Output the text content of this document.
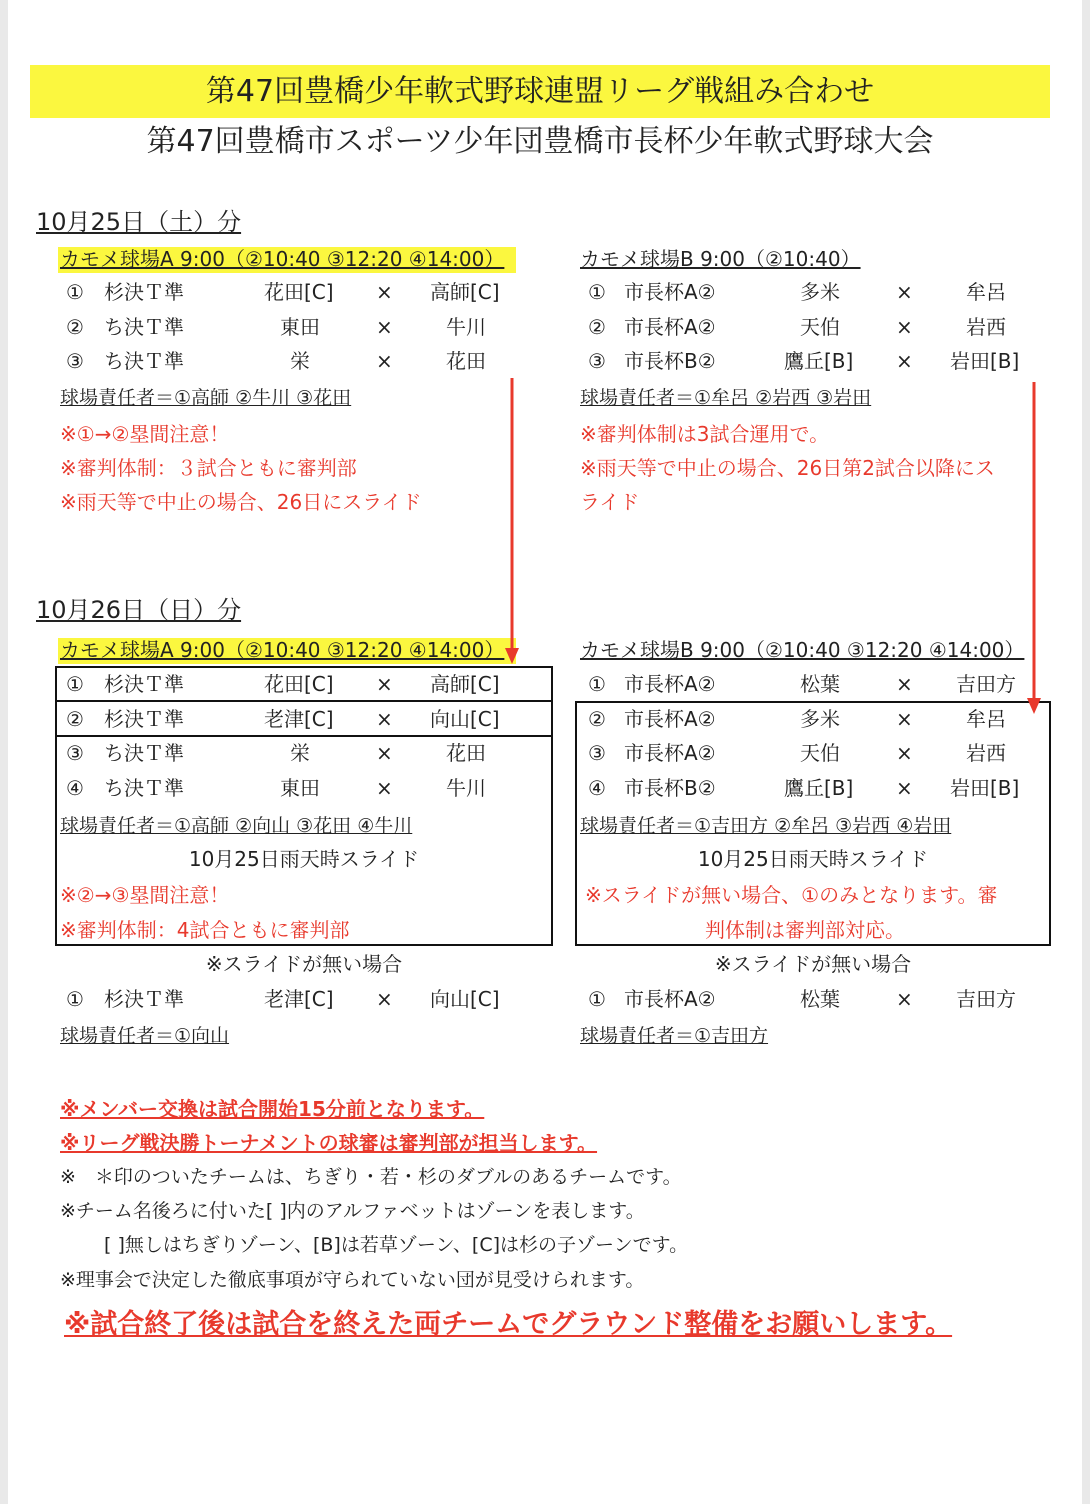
第47回豊橋少年軟式野球連盟リーグ戦組み合わせ
第47回豊橋市スポーツ少年団豊橋市長杯少年軟式野球大会
10月25日（土）分
カモメ球場A 9:00（②10:40 ③12:20 ④14:00）
① 杉決Ｔ準	花田[C] × 高師[C]
② ち決Ｔ準	東田	×	牛川
③ ち決Ｔ準	栄	×	花田
球場責任者＝①高師 ②牛川 ③花田
※①→②塁間注意！
※審判体制：３試合ともに審判部
※雨天等で中止の場合、26日にスライド
カモメ球場B 9:00（②10:40）
① 市長杯A②	多米	×	牟呂
② 市長杯A②	天伯	×	岩西
③ 市長杯B②	鷹丘[B] × 岩田[B]
球場責任者＝①牟呂 ②岩西 ③岩田
※審判体制は3試合運用で。
※雨天等で中止の場合、26日第2試合以降にス
ライド
10月26日（日）分
カモメ球場A 9:00（②10:40 ③12:20 ④14:00）
① 杉決Ｔ準	花田[C] × 高師[C]
② 杉決Ｔ準	老津[C] × 向山[C]
③ ち決Ｔ準	栄	×	花田
④ ち決Ｔ準	東田	×	牛川
球場責任者＝①高師 ②向山 ③花田 ④牛川
10月25日雨天時スライド
※②→③塁間注意！
※審判体制：4試合ともに審判部
※スライドが無い場合
① 杉決Ｔ準	老津[C] × 向山[C]
球場責任者＝①向山
カモメ球場B 9:00（②10:40 ③12:20 ④14:00）
① 市長杯A②	松葉	× 吉田方
② 市長杯A②	多米	×	牟呂
③ 市長杯A②	天伯	×	岩西
④ 市長杯B②	鷹丘[B] × 岩田[B]
球場責任者＝①吉田方 ②牟呂 ③岩西 ④岩田
10月25日雨天時スライド
※スライドが無い場合、①のみとなります。審
判体制は審判部対応。
※スライドが無い場合
① 市長杯A②	松葉	× 吉田方
球場責任者＝①吉田方
※メンバー交換は試合開始15分前となります。
※リーグ戦決勝トーナメントの球審は審判部が担当します。
※　＊印のついたチームは、ちぎり・若・杉のダブルのあるチームです。
※チーム名後ろに付いた[ ]内のアルファベットはゾーンを表します。
[ ]無しはちぎりゾーン、[B]は若草ゾーン、[C]は杉の子ゾーンです。
※理事会で決定した徹底事項が守られていない団が見受けられます。
※試合終了後は試合を終えた両チームでグラウンド整備をお願いします。
